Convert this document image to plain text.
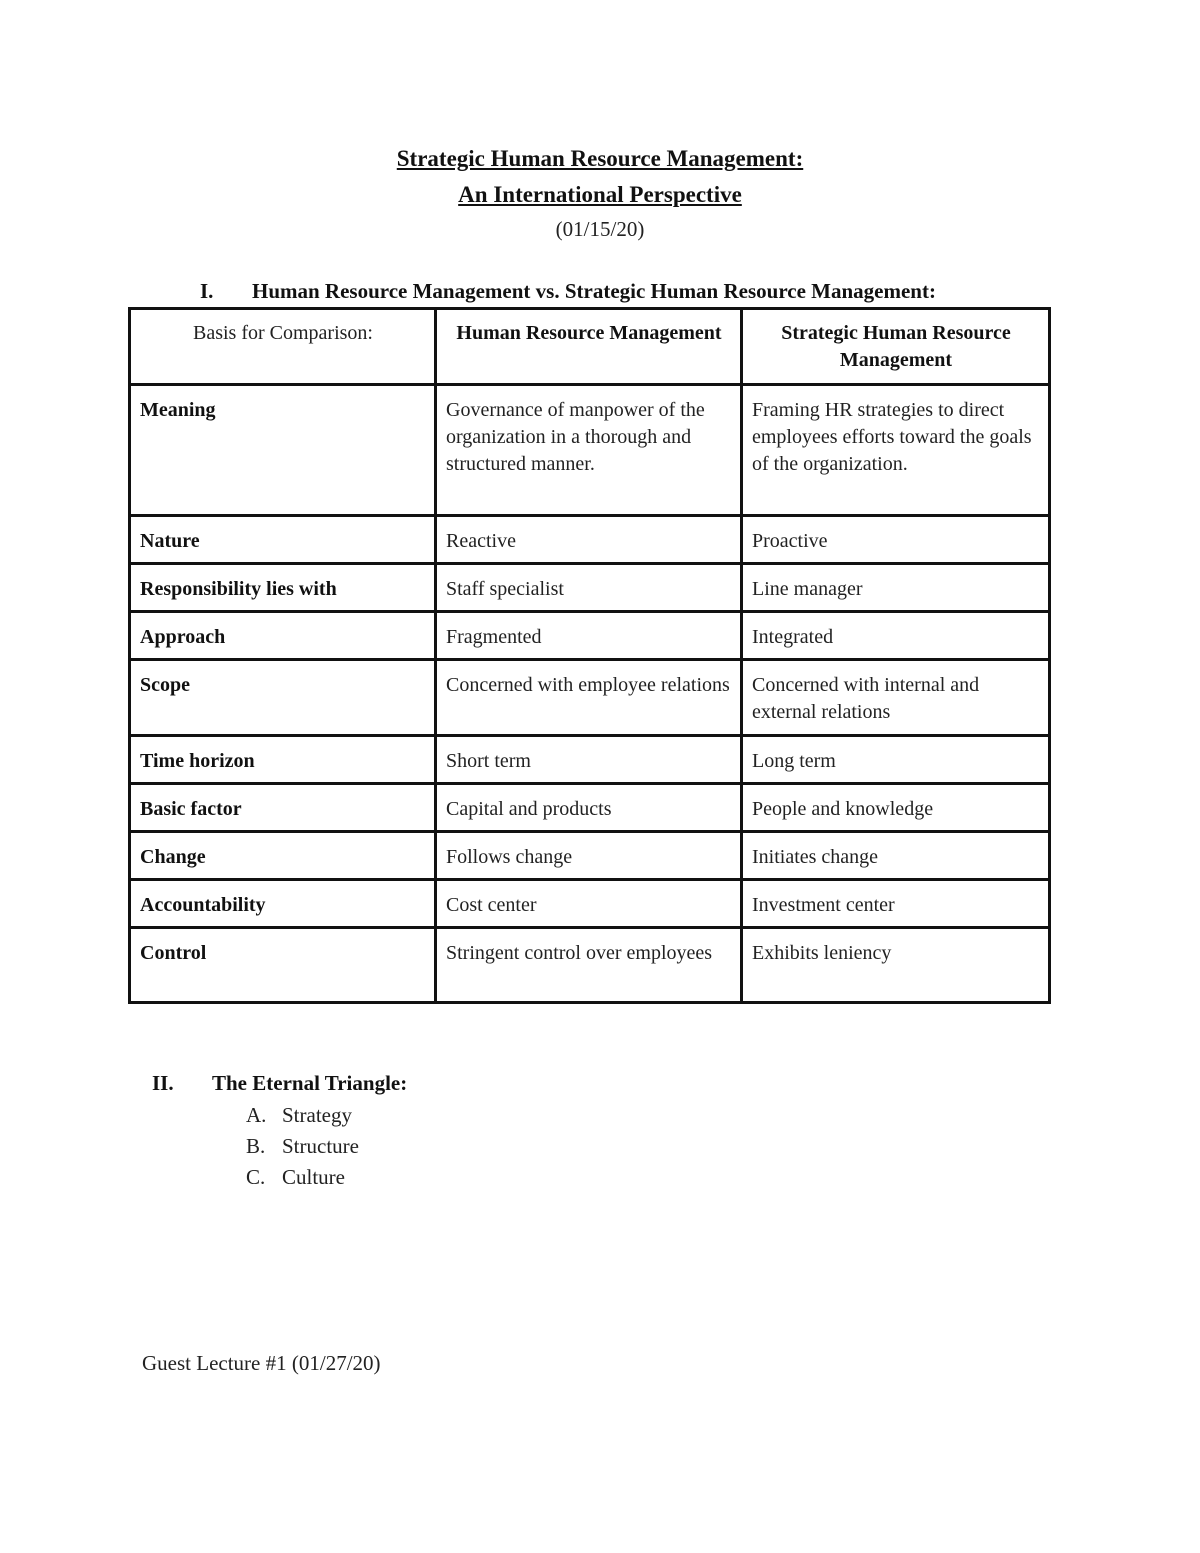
Strategic Human Resource Management:
An International Perspective
(01/15/20)
I. Human Resource Management vs. Strategic Human Resource Management:
Basis for Comparison:	Human Resource Management	Strategic Human Resource Management
Meaning	Governance of manpower of the organization in a thorough and structured manner.	Framing HR strategies to direct employees efforts toward the goals of the organization.
Nature	Reactive	Proactive
Responsibility lies with	Staff specialist	Line manager
Approach	Fragmented	Integrated
Scope	Concerned with employee relations	Concerned with internal and external relations
Time horizon	Short term	Long term
Basic factor	Capital and products	People and knowledge
Change	Follows change	Initiates change
Accountability	Cost center	Investment center
Control	Stringent control over employees	Exhibits leniency
II. The Eternal Triangle:
A. Strategy
B. Structure
C. Culture
Guest Lecture #1 (01/27/20)
